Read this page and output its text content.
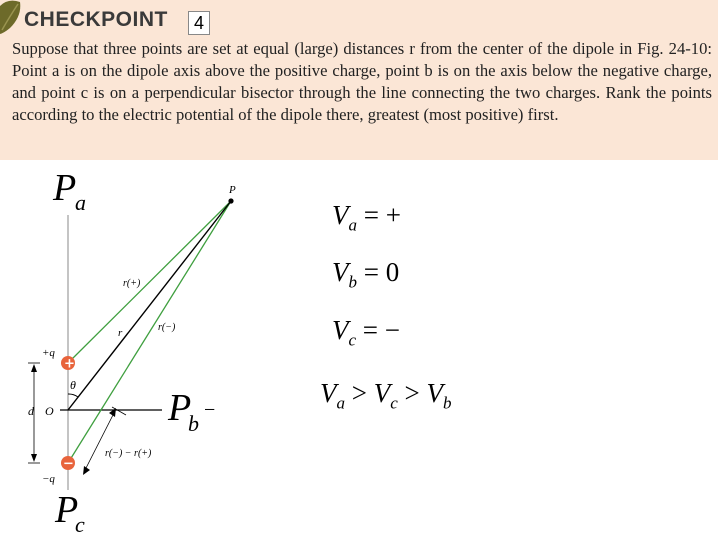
CHECKPOINT	4

Suppose that three points are set at equal (large) distances r from the center of the dipole in Fig. 24-10: Point a is on the dipole axis above the positive charge, point b is on the axis below the negative charge, and point c is on a perpendicular bisector through the line connecting the two charges. Rank the points according to the electric potential of the dipole there, greatest (most positive) first.

P
θ
d O
+
+q
−
−q
r(+)
r	r(−)
r(−) − r(+)
Pa
Pb
−
Pc
$V_a$ = +
$V_b = 0$
$V_c$ = −
$V_a > V_c > V_b$
